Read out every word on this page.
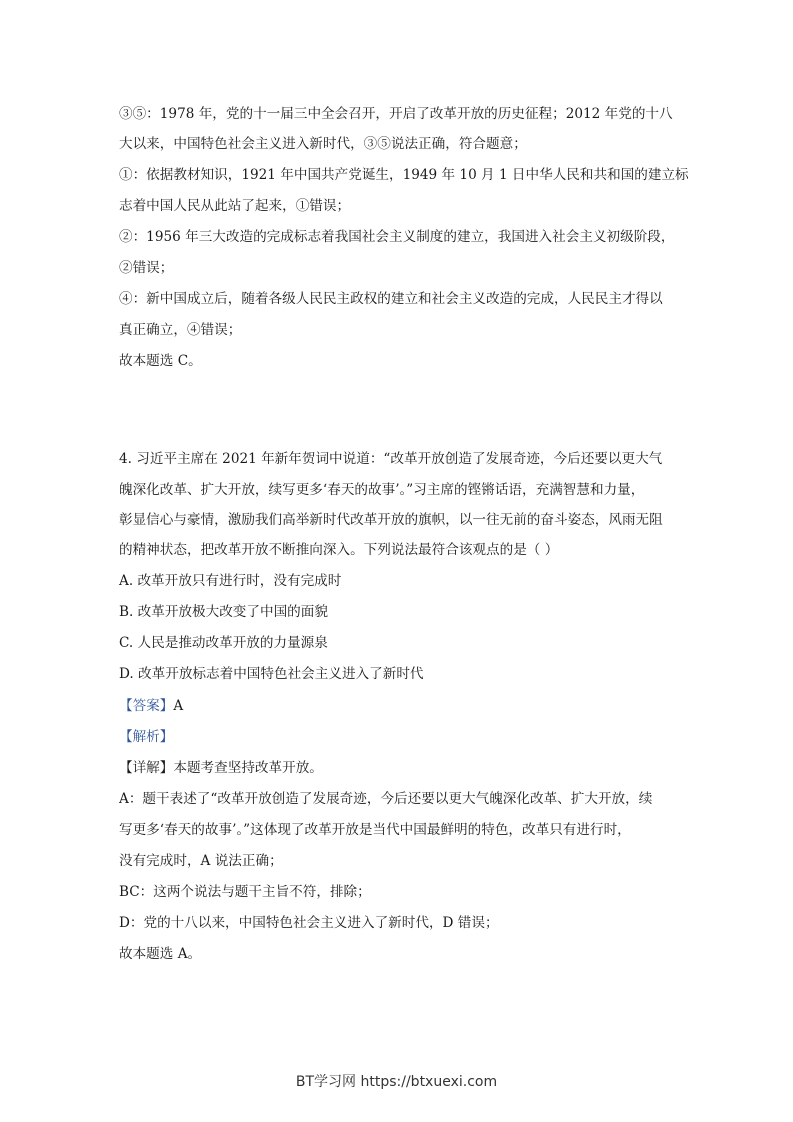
③⑤：1978 年，党的十一届三中全会召开，开启了改革开放的历史征程；2012 年党的十八
大以来，中国特色社会主义进入新时代，③⑤说法正确，符合题意；
①：依据教材知识，1921 年中国共产党诞生，1949 年 10 月 1 日中华人民和共和国的建立标
志着中国人民从此站了起来，①错误；
②：1956 年三大改造的完成标志着我国社会主义制度的建立，我国进入社会主义初级阶段，
②错误；
④：新中国成立后，随着各级人民民主政权的建立和社会主义改造的完成，人民民主才得以
真正确立，④错误；
故本题选 C。
4. 习近平主席在 2021 年新年贺词中说道：“改革开放创造了发展奇迹，今后还要以更大气
魄深化改革、扩大开放，续写更多‘春天的故事’。”习主席的铿锵话语，充满智慧和力量，
彰显信心与豪情，激励我们高举新时代改革开放的旗帜，以一往无前的奋斗姿态，风雨无阻
的精神状态，把改革开放不断推向深入。下列说法最符合该观点的是（ ）
A. 改革开放只有进行时，没有完成时
B. 改革开放极大改变了中国的面貌
C. 人民是推动改革开放的力量源泉
D. 改革开放标志着中国特色社会主义进入了新时代
【答案】A
【解析】
【详解】本题考查坚持改革开放。
A：题干表述了“改革开放创造了发展奇迹，今后还要以更大气魄深化改革、扩大开放，续
写更多‘春天的故事’。”这体现了改革开放是当代中国最鲜明的特色，改革只有进行时，
没有完成时，A 说法正确；
BC：这两个说法与题干主旨不符，排除；
D：党的十八以来，中国特色社会主义进入了新时代，D 错误；
故本题选 A。
BT学习网 https://btxuexi.com
